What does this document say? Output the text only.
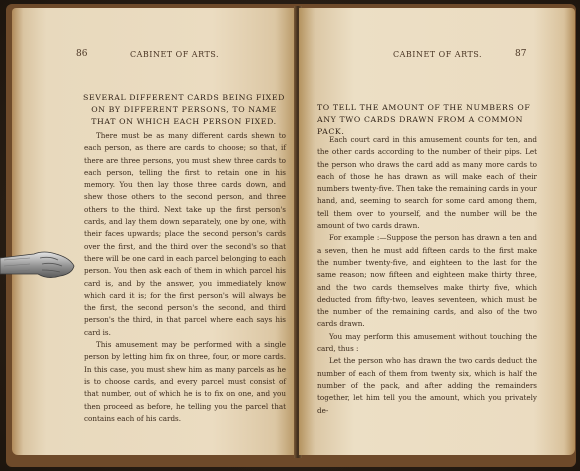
86	CABINET OF ARTS.
SEVERAL DIFFERENT CARDS BEING FIXED ON BY DIFFERENT PERSONS, TO NAME THAT ON WHICH EACH PERSON FIXED.

There must be as many different cards shewn to each person, as there are cards to choose; so that, if there are three persons, you must shew three cards to each person, telling the first to retain one in his memory. You then lay those three cards down, and shew those others to the second person, and three others to the third. Next take up the first person's cards, and lay them down separately, one by one, with their faces upwards; place the second person's cards over the first, and the third over the second's so that there will be one card in each parcel belonging to each person. You then ask each of them in which parcel his card is, and by the answer, you immediately know which card it is; for the first person's will always be the first, the second person's the second, and third person's the third, in that parcel where each says his card is.

This amusement may be performed with a single person by letting him fix on three, four, or more cards. In this case, you must shew him as many parcels as he is to choose cards, and every parcel must consist of that number, out of which he is to fix on one, and you then proceed as before, he telling you the parcel that contains each of his cards.

CABINET OF ARTS.	87
TO TELL THE AMOUNT OF THE NUMBERS OF ANY TWO CARDS DRAWN FROM A COMMON PACK.

Each court card in this amusement counts for ten, and the other cards according to the number of their pips. Let the person who draws the card add as many more cards to each of those he has drawn as will make each of their numbers twenty-five. Then take the remaining cards in your hand, and, seeming to search for some card among them, tell them over to yourself, and the number will be the amount of two cards drawn.

For example :—Suppose the person has drawn a ten and a seven, then he must add fifteen cards to the first make the number twenty-five, and eighteen to the last for the same reason; now fifteen and eighteen make thirty three, and the two cards themselves make thirty five, which deducted from fifty-two, leaves seventeen, which must be the number of the remaining cards, and also of the two cards drawn.

You may perform this amusement without touching the card, thus :

Let the person who has drawn the two cards deduct the number of each of them from twenty six, which is half the number of the pack, and after adding the remainders together, let him tell you the amount, which you privately de-
